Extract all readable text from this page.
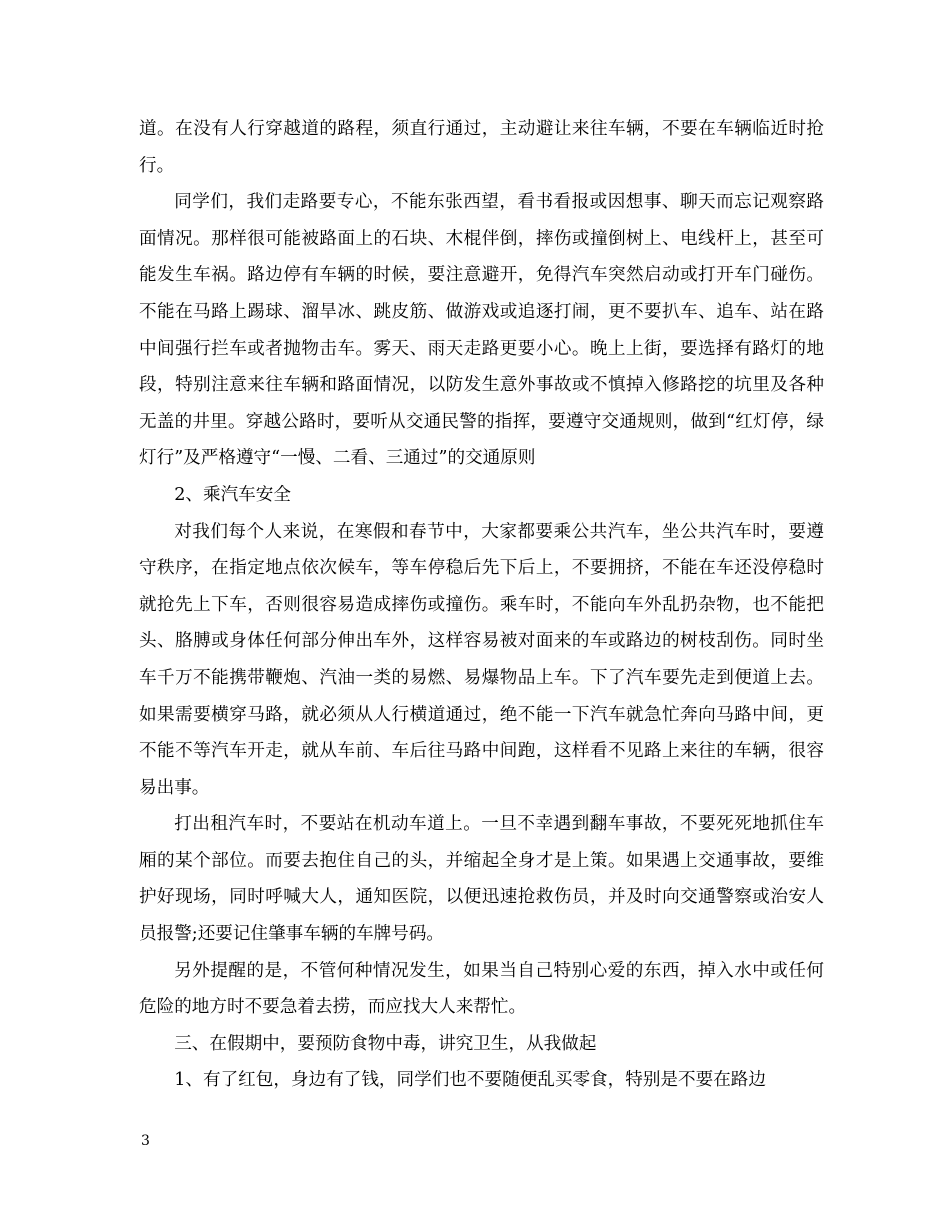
道。在没有人行穿越道的路程，须直行通过，主动避让来往车辆，不要在车辆临近时抢行。

同学们，我们走路要专心，不能东张西望，看书看报或因想事、聊天而忘记观察路面情况。那样很可能被路面上的石块、木棍伴倒，摔伤或撞倒树上、电线杆上，甚至可能发生车祸。路边停有车辆的时候，要注意避开，免得汽车突然启动或打开车门碰伤。不能在马路上踢球、溜旱冰、跳皮筋、做游戏或追逐打闹，更不要扒车、追车、站在路中间强行拦车或者抛物击车。雾天、雨天走路更要小心。晚上上街，要选择有路灯的地段，特别注意来往车辆和路面情况，以防发生意外事故或不慎掉入修路挖的坑里及各种无盖的井里。穿越公路时，要听从交通民警的指挥，要遵守交通规则，做到“红灯停，绿灯行”及严格遵守“一慢、二看、三通过”的交通原则

2、乘汽车安全

对我们每个人来说，在寒假和春节中，大家都要乘公共汽车，坐公共汽车时，要遵守秩序，在指定地点依次候车，等车停稳后先下后上，不要拥挤，不能在车还没停稳时就抢先上下车，否则很容易造成摔伤或撞伤。乘车时，不能向车外乱扔杂物，也不能把头、胳膊或身体任何部分伸出车外，这样容易被对面来的车或路边的树枝刮伤。同时坐车千万不能携带鞭炮、汽油一类的易燃、易爆物品上车。下了汽车要先走到便道上去。如果需要横穿马路，就必须从人行横道通过，绝不能一下汽车就急忙奔向马路中间，更不能不等汽车开走，就从车前、车后往马路中间跑，这样看不见路上来往的车辆，很容易出事。

打出租汽车时，不要站在机动车道上。一旦不幸遇到翻车事故，不要死死地抓住车厢的某个部位。而要去抱住自己的头，并缩起全身才是上策。如果遇上交通事故，要维护好现场，同时呼喊大人，通知医院，以便迅速抢救伤员，并及时向交通警察或治安人员报警;还要记住肇事车辆的车牌号码。

另外提醒的是，不管何种情况发生，如果当自己特别心爱的东西，掉入水中或任何危险的地方时不要急着去捞，而应找大人来帮忙。

三、在假期中，要预防食物中毒，讲究卫生，从我做起

1、有了红包，身边有了钱，同学们也不要随便乱买零食，特别是不要在路边

3
